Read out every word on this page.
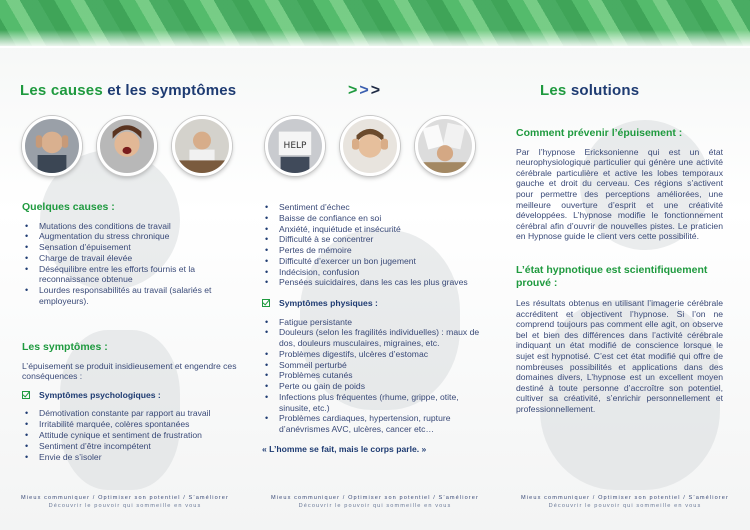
Les causes et les symptômes	>>>	Les solutions
HELP
Quelques causes :
• Mutations des conditions de travail
• Augmentation du stress chronique
• Sensation d’épuisement
• Charge de travail élevée
• Déséquilibre entre les efforts fournis et la reconnaissance obtenue
• Lourdes responsabilités au travail (salariés et employeurs).
Les symptômes :
L’épuisement se produit insidieusement et engendre ces conséquences :
Symptômes psychologiques :
• Démotivation constante par rapport au travail
• Irritabilité marquée, colères spontanées
• Attitude cynique et sentiment de frustration
• Sentiment d’être incompétent
• Envie de s’isoler
• Sentiment d’échec
• Baisse de confiance en soi
• Anxiété, inquiétude et insécurité
• Difficulté à se concentrer
• Pertes de mémoire
• Difficulté d’exercer un bon jugement
• Indécision, confusion
• Pensées suicidaires, dans les cas les plus graves
Symptômes physiques :
• Fatigue persistante
• Douleurs (selon les fragilités individuelles) : maux de dos, douleurs musculaires, migraines, etc.
• Problèmes digestifs, ulcères d’estomac
• Sommeil perturbé
• Problèmes cutanés
• Perte ou gain de poids
• Infections plus fréquentes (rhume, grippe, otite, sinusite, etc.)
• Problèmes cardiaques, hypertension, rupture d’anévrismes AVC, ulcères, cancer etc…
« L’homme se fait, mais le corps parle. »
Comment prévenir l’épuisement :
Par l’hypnose Ericksonienne qui est un état neurophysiologique particulier qui génère une activité cérébrale particulière et active les lobes temporaux gauche et droit du cerveau. Ces régions s’activent pour permettre des perceptions améliorées, une meilleure ouverture d’esprit et une créativité développées. L’hypnose modifie le fonctionnement cérébral afin d’ouvrir de nouvelles pistes. Le praticien en Hypnose guide le client vers cette possibilité.
L’état hypnotique est scientifiquement prouvé :
Les résultats obtenus en utilisant l’imagerie cérébrale accréditent et objectivent l’hypnose. Si l’on ne comprend toujours pas comment elle agit, on observe bel et bien des différences dans l’activité cérébrale indiquant un état modifié de conscience lorsque le sujet est hypnotisé. C’est cet état modifié qui offre de nombreuses possibilités et applications dans des domaines divers, L’hypnose est un excellent moyen destiné à toute personne d’accroître son potentiel, cultiver sa créativité, s’enrichir personnellement et professionnellement.
Mieux communiquer / Optimiser son potentiel / S’améliorer
Découvrir le pouvoir qui sommeille en vous
Mieux communiquer / Optimiser son potentiel / S’améliorer
Découvrir le pouvoir qui sommeille en vous
Mieux communiquer / Optimiser son potentiel / S’améliorer
Découvrir le pouvoir qui sommeille en vous
